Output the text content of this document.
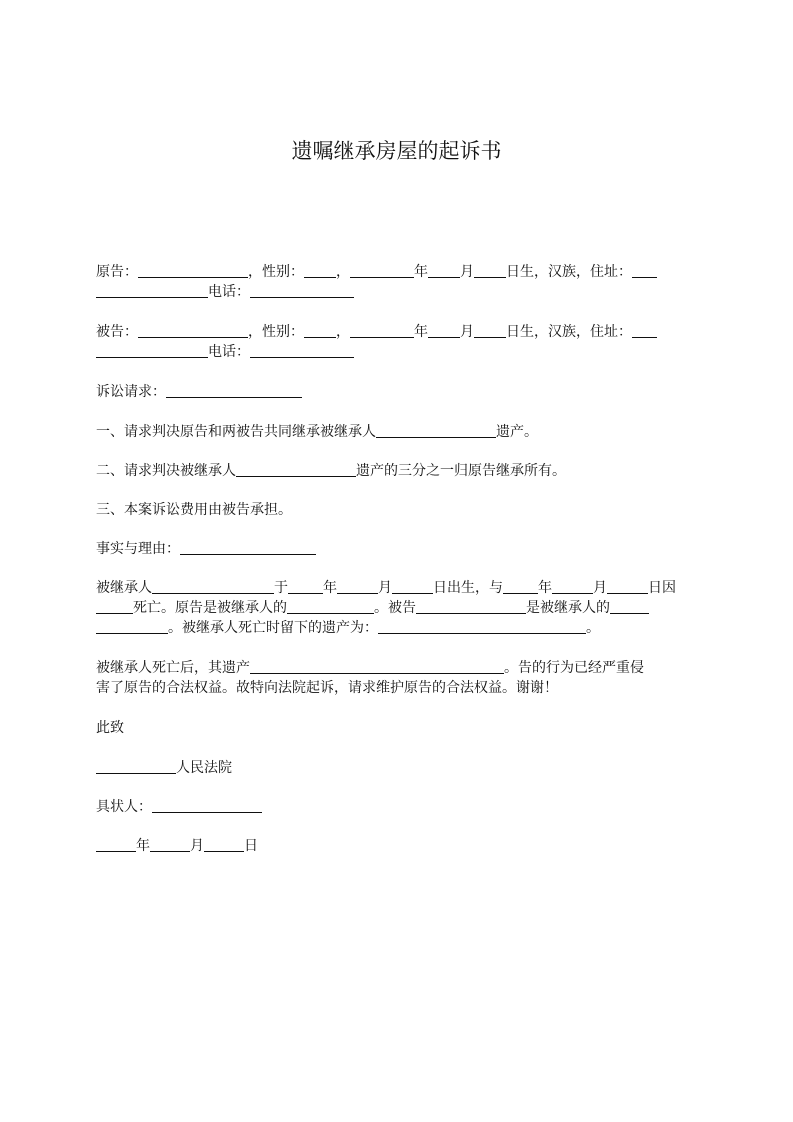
遗嘱继承房屋的起诉书
原告：	，性别： ，	年 月 日生，汉族，住址：
电话：
被告：	，性别： ，	年 月 日生，汉族，住址：
电话：
诉讼请求：
一、请求判决原告和两被告共同继承被继承人	遗产。
二、请求判决被继承人	遗产的三分之一归原告继承所有。
三、本案诉讼费用由被告承担。
事实与理由：
被继承人	于	年	月	日出生，与	年	月	日因
死亡。原告是被继承人的	。被告	是被继承人的
。被继承人死亡时留下的遗产为：	。
被继承人死亡后，其遗产	。告的行为已经严重侵
害了原告的合法权益。故特向法院起诉，请求维护原告的合法权益。谢谢！
此致
人民法院
具状人：
年	月	日
